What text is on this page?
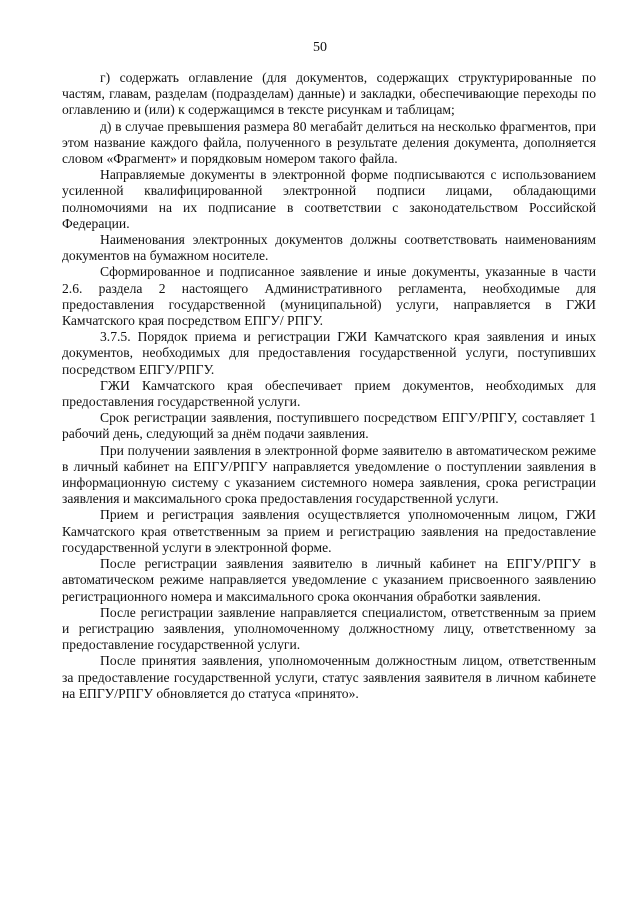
50

г) содержать оглавление (для документов, содержащих структурированные по частям, главам, разделам (подразделам) данные) и закладки, обеспечивающие переходы по оглавлению и (или) к содержащимся в тексте рисункам и таблицам;

д) в случае превышения размера 80 мегабайт делиться на несколько фрагментов, при этом название каждого файла, полученного в результате деления документа, дополняется словом «Фрагмент» и порядковым номером такого файла.

Направляемые документы в электронной форме подписываются с использованием усиленной квалифицированной электронной подписи лицами, обладающими полномочиями на их подписание в соответствии с законодательством Российской Федерации.

Наименования электронных документов должны соответствовать наименованиям документов на бумажном носителе.

Сформированное и подписанное заявление и иные документы, указанные в части 2.6. раздела 2 настоящего Административного регламента, необходимые для предоставления государственной (муниципальной) услуги, направляется в ГЖИ Камчатского края посредством ЕПГУ/ РПГУ.

3.7.5. Порядок приема и регистрации ГЖИ Камчатского края заявления и иных документов, необходимых для предоставления государственной услуги, поступивших посредством ЕПГУ/РПГУ.

ГЖИ Камчатского края обеспечивает прием документов, необходимых для предоставления государственной услуги.

Срок регистрации заявления, поступившего посредством ЕПГУ/РПГУ, составляет 1 рабочий день, следующий за днём подачи заявления.

При получении заявления в электронной форме заявителю в автоматическом режиме в личный кабинет на ЕПГУ/РПГУ направляется уведомление о поступлении заявления в информационную систему с указанием системного номера заявления, срока регистрации заявления и максимального срока предоставления государственной услуги.

Прием и регистрация заявления осуществляется уполномоченным лицом, ГЖИ Камчатского края ответственным за прием и регистрацию заявления на предоставление государственной услуги в электронной форме.

После регистрации заявления заявителю в личный кабинет на ЕПГУ/РПГУ в автоматическом режиме направляется уведомление с указанием присвоенного заявлению регистрационного номера и максимального срока окончания обработки заявления.

После регистрации заявление направляется специалистом, ответственным за прием и регистрацию заявления, уполномоченному должностному лицу, ответственному за предоставление государственной услуги.

После принятия заявления, уполномоченным должностным лицом, ответственным за предоставление государственной услуги, статус заявления заявителя в личном кабинете на ЕПГУ/РПГУ обновляется до статуса «принято».
